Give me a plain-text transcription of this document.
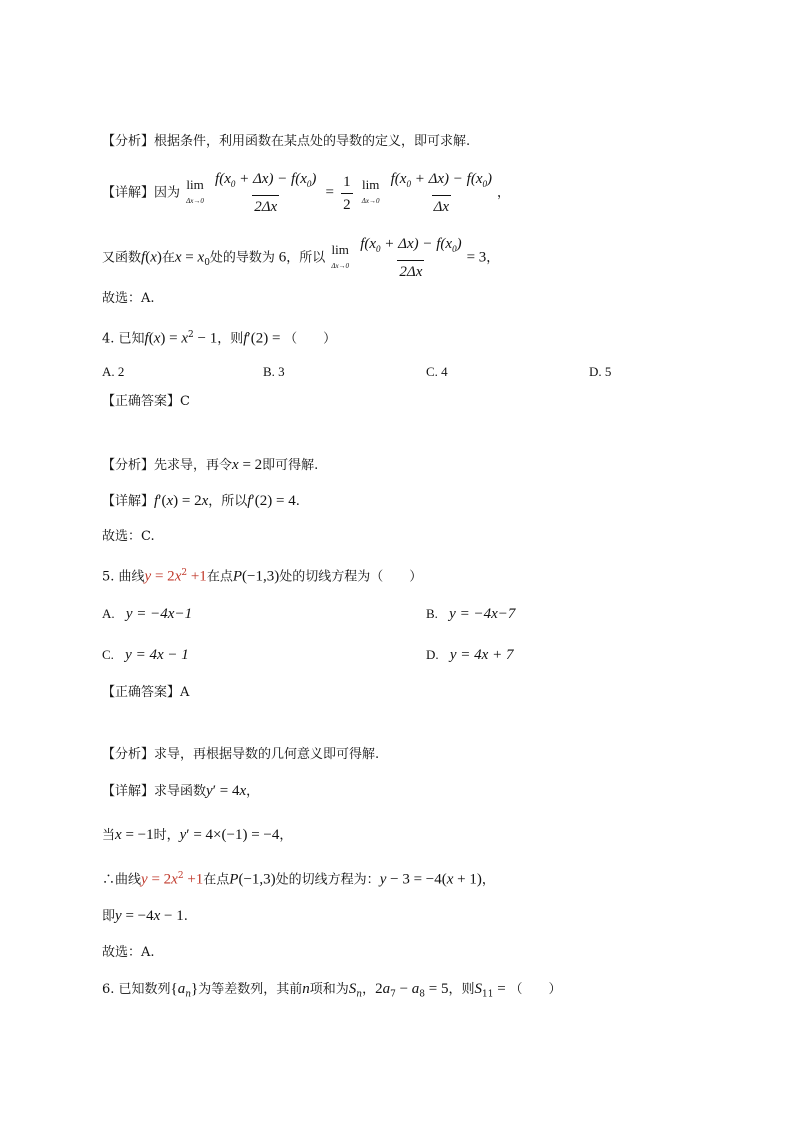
【分析】根据条件，利用函数在某点处的导数的定义，即可求解.
【详解】因为
lim
Δx→0
$\frac{f(x_0 + \Delta x) - f(x_0)}{2\Delta x} = \frac{1}{2}$
lim
Δx→0
$\frac{f(x_0 + \Delta x) - f(x_0)}{\Delta x}$ ，
又函数f(x)在$x = x_0$处的导数为 6，所以
lim
Δx→0
$\frac{f(x_0 + \Delta x) - f(x_0)}{2\Delta x} = 3$，
故选：A.
4. 已知$f(x) = x^2 - 1$，则f′(2) = （　　）
A. 2	B. 3	C. 4	D. 5
【正确答案】C
【分析】先求导，再令x = 2即可得解.
【详解】f′(x) = 2x，所以f′(2) = 4.
故选：C.
5. 曲线$y = 2x^2 +1$在点P(−1,3)处的切线方程为（　　）
A. y = −4x−1	B. y = −4x−7
C. y = 4x − 1	D. y = 4x + 7
【正确答案】A
【分析】求导，再根据导数的几何意义即可得解.
【详解】求导函数y′ = 4x，
当x = −1时，y′ = 4×(−1) = −4，
∴曲线$y = 2x^2 +1$在点P(−1,3)处的切线方程为：y − 3 = −4(x + 1)，
即y = −4x − 1.
故选：A.
6. 已知数列$\{a_n\}$为等差数列，其前n项和为$S_n$，$2a_7 - a_8 = 5$，则$S_{11}$ = （　　）
